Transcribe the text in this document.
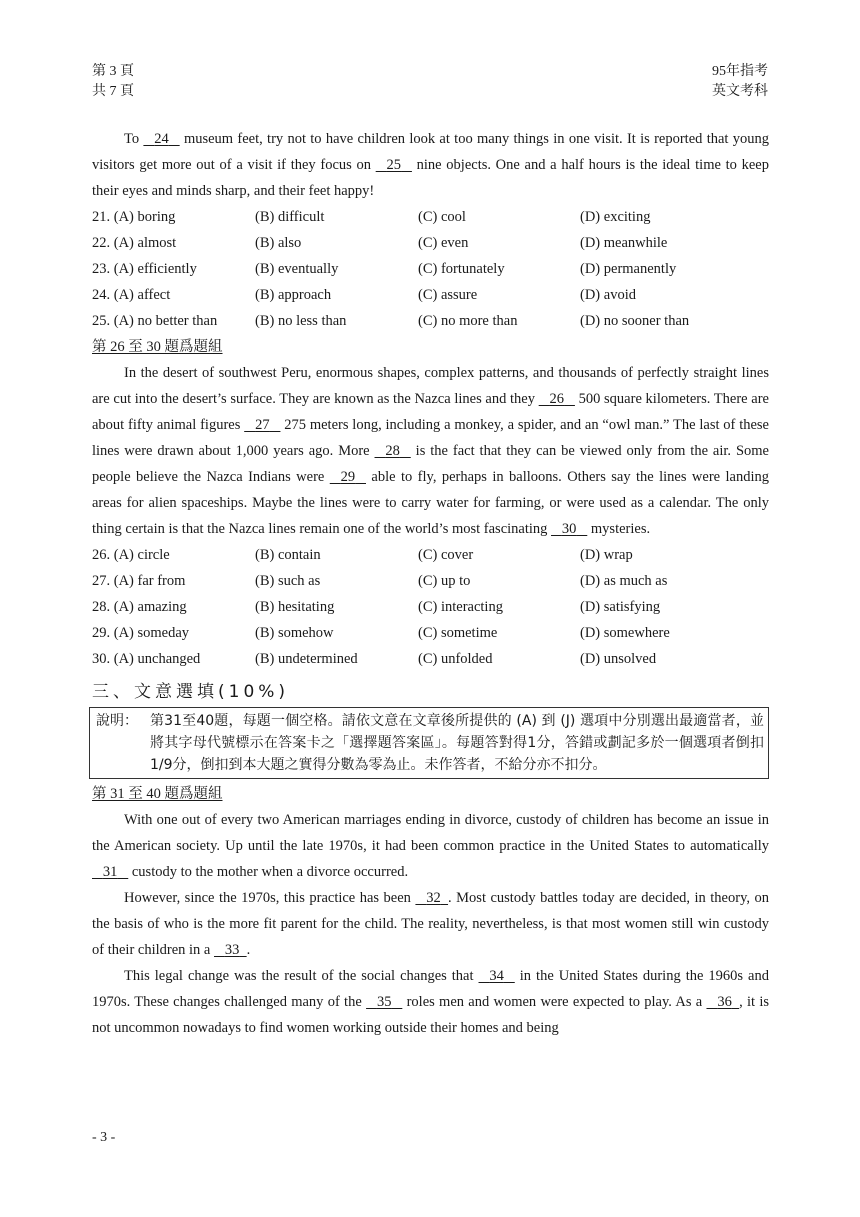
第 3 頁
共 7 頁
95年指考
英文考科

To    24    museum feet, try not to have children look at too many things in one visit. It is reported that young visitors get more out of a visit if they focus on    25    nine objects. One and a half hours is the ideal time to keep their eyes and minds sharp, and their feet happy!

21. (A) boring	(B) difficult	(C) cool	(D) exciting
22. (A) almost	(B) also	(C) even	(D) meanwhile
23. (A) efficiently	(B) eventually	(C) fortunately	(D) permanently
24. (A) affect	(B) approach	(C) assure	(D) avoid
25. (A) no better than	(B) no less than	(C) no more than	(D) no sooner than
第 26 至 30 題爲題組

In the desert of southwest Peru, enormous shapes, complex patterns, and thousands of perfectly straight lines are cut into the desert’s surface. They are known as the Nazca lines and they    26    500 square kilometers. There are about fifty animal figures    27    275 meters long, including a monkey, a spider, and an “owl man.” The last of these lines were drawn about 1,000 years ago. More    28    is the fact that they can be viewed only from the air. Some people believe the Nazca Indians were    29    able to fly, perhaps in balloons. Others say the lines were landing areas for alien spaceships. Maybe the lines were to carry water for farming, or were used as a calendar. The only thing certain is that the Nazca lines remain one of the world’s most fascinating    30    mysteries.

26. (A) circle	(B) contain	(C) cover	(D) wrap
27. (A) far from	(B) such as	(C) up to	(D) as much as
28. (A) amazing	(B) hesitating	(C) interacting	(D) satisfying
29. (A) someday	(B) somehow	(C) sometime	(D) somewhere
30. (A) unchanged	(B) undetermined	(C) unfolded	(D) unsolved
三、文意選填(10%)
說明： 第31至40題，每題一個空格。請依文意在文章後所提供的 (A) 到 (J) 選項中分別選出最適當者，並將其字母代號標示在答案卡之「選擇題答案區」。每題答對得1分，答錯或劃記多於一個選項者倒扣1/9分，倒扣到本大題之實得分數為零為止。未作答者，不給分亦不扣分。
第 31 至 40 題爲題組

With one out of every two American marriages ending in divorce, custody of children has become an issue in the American society. Up until the late 1970s, it had been common practice in the United States to automatically    31    custody to the mother when a divorce occurred.

However, since the 1970s, this practice has been    32 . Most custody battles today are decided, in theory, on the basis of who is the more fit parent for the child. The reality, nevertheless, is that most women still win custody of their children in a    33 .

This legal change was the result of the social changes that    34    in the United States during the 1960s and 1970s. These changes challenged many of the    35    roles men and women were expected to play. As a    36 , it is not uncommon nowadays to find women working outside their homes and being

- 3 -
